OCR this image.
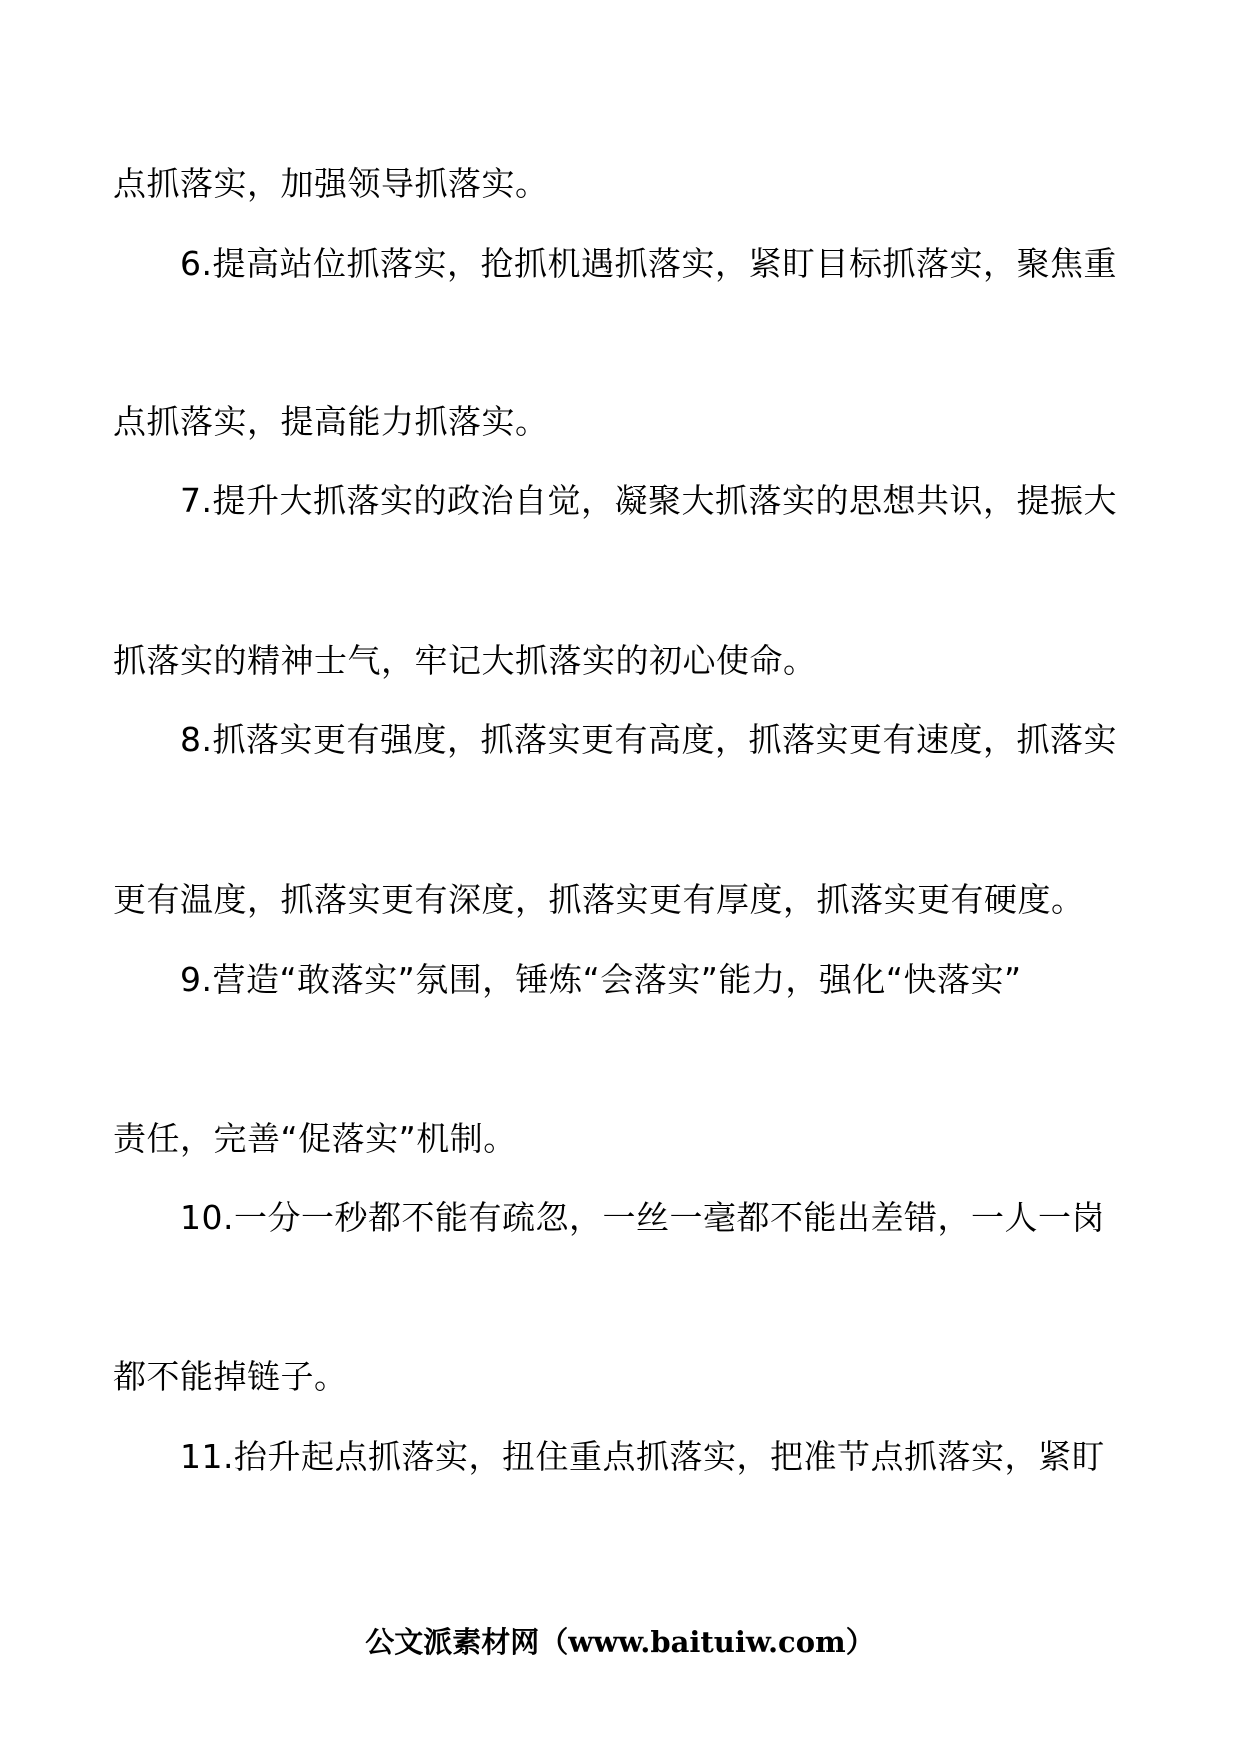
点抓落实，加强领导抓落实。
6.提高站位抓落实，抢抓机遇抓落实，紧盯目标抓落实，聚焦重
点抓落实，提高能力抓落实。
7.提升大抓落实的政治自觉，凝聚大抓落实的思想共识，提振大
抓落实的精神士气，牢记大抓落实的初心使命。
8.抓落实更有强度，抓落实更有高度，抓落实更有速度，抓落实
更有温度，抓落实更有深度，抓落实更有厚度，抓落实更有硬度。
9.营造“敢落实”氛围，锤炼“会落实”能力，强化“快落实”
责任，完善“促落实”机制。
10.一分一秒都不能有疏忽，一丝一毫都不能出差错，一人一岗
都不能掉链子。
11.抬升起点抓落实，扭住重点抓落实，把准节点抓落实，紧盯
公文派素材网（www.baituiw.com）
